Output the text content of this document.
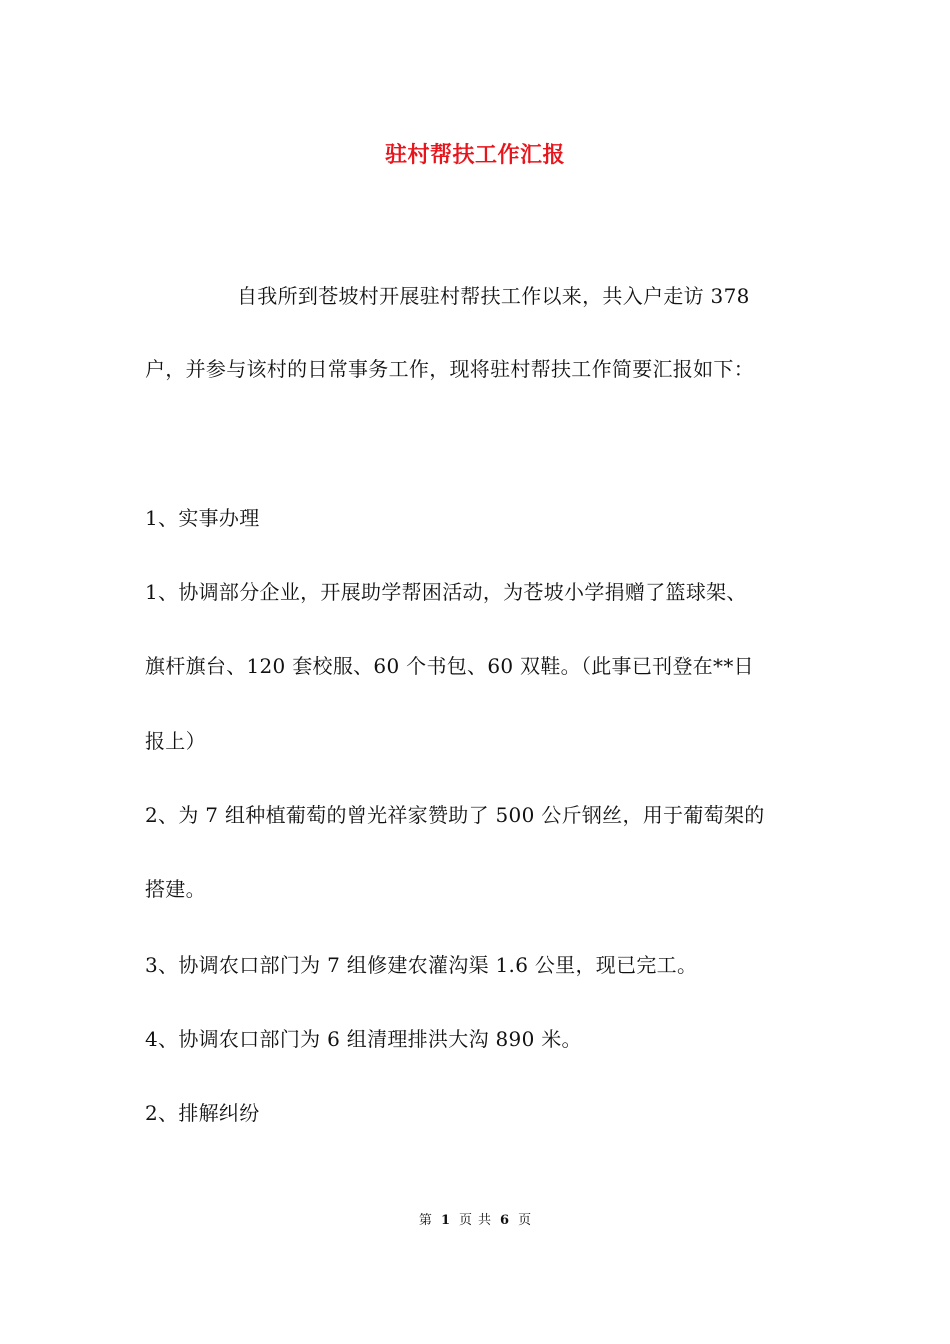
驻村帮扶工作汇报
自我所到苍坡村开展驻村帮扶工作以来，共入户走访 378
户，并参与该村的日常事务工作，现将驻村帮扶工作简要汇报如下：
1、实事办理
1、协调部分企业，开展助学帮困活动，为苍坡小学捐赠了篮球架、
旗杆旗台、120 套校服、60 个书包、60 双鞋。（此事已刊登在**日
报上）
2、为 7 组种植葡萄的曾光祥家赞助了 500 公斤钢丝，用于葡萄架的
搭建。
3、协调农口部门为 7 组修建农灌沟渠 1.6 公里，现已完工。
4、协调农口部门为 6 组清理排洪大沟 890 米。
2、排解纠纷
第 1 页 共 6 页
